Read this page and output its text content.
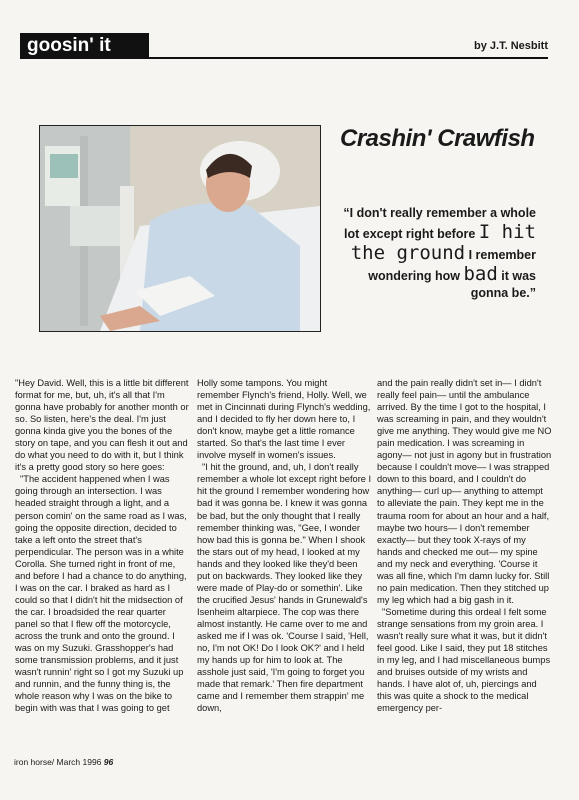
goosin' it	by J.T. Nesbitt
Crashin' Crawfish
“I don't really remember a whole lot except right before I hit the ground I remember wondering how bad it was gonna be.”

"Hey David. Well, this is a little bit different format for me, but, uh, it's all that I'm gonna have probably for another month or so. So listen, here's the deal. I'm just gonna kinda give you the bones of the story on tape, and you can flesh it out and do what you need to do with it, but I think it's a pretty good story so here goes:

"The accident happened when I was going through an intersection. I was headed straight through a light, and a person comin' on the same road as I was, going the opposite direction, decided to take a left onto the street that's perpendicular. The person was in a white Corolla. She turned right in front of me, and before I had a chance to do anything, I was on the car. I braked as hard as I could so that I didn't hit the midsection of the car. I broadsided the rear quarter panel so that I flew off the motorcycle, across the trunk and onto the ground. I was on my Suzuki. Grasshopper's had some transmission problems, and it just wasn't runnin' right so I got my Suzuki up and runnin, and the funny thing is, the whole reason why I was on the bike to begin with was that I was going to get

Holly some tampons. You might remember Flynch's friend, Holly. Well, we met in Cincinnati during Flynch's wedding, and I decided to fly her down here to, I don't know, maybe get a little romance started. So that's the last time I ever involve myself in women's issues.

"I hit the ground, and, uh, I don't really remember a whole lot except right before I hit the ground I remember wondering how bad it was gonna be. I knew it was gonna be bad, but the only thought that I really remember thinking was, "Gee, I wonder how bad this is gonna be." When I shook the stars out of my head, I looked at my hands and they looked like they'd been put on backwards. They looked like they were made of Play-do or somethin'. Like the crucified Jesus' hands in Grunewald's Isenheim altarpiece. The cop was there almost instantly. He came over to me and asked me if I was ok. 'Course I said, 'Hell, no, I'm not OK! Do I look OK?' and I held my hands up for him to look at. The asshole just said, 'I'm going to forget you made that remark.' Then fire department came and I remember them strappin' me down,

and the pain really didn't set in— I didn't really feel pain— until the ambulance arrived. By the time I got to the hospital, I was screaming in pain, and they wouldn't give me anything. They would give me NO pain medication. I was screaming in agony— not just in agony but in frustration because I couldn't move— I was strapped down to this board, and I couldn't do anything— curl up— anything to attempt to alleviate the pain. They kept me in the trauma room for about an hour and a half, maybe two hours— I don't remember exactly— but they took X-rays of my hands and checked me out— my spine and my neck and everything. 'Course it was all fine, which I'm damn lucky for. Still no pain medication. Then they stitched up my leg which had a big gash in it.

"Sometime during this ordeal I felt some strange sensations from my groin area. I wasn't really sure what it was, but it didn't feel good. Like I said, they put 18 stitches in my leg, and I had miscellaneous bumps and bruises outside of my wrists and hands. I have alot of, uh, piercings and this was quite a shock to the medical emergency per-

iron horse/ March 1996 96
